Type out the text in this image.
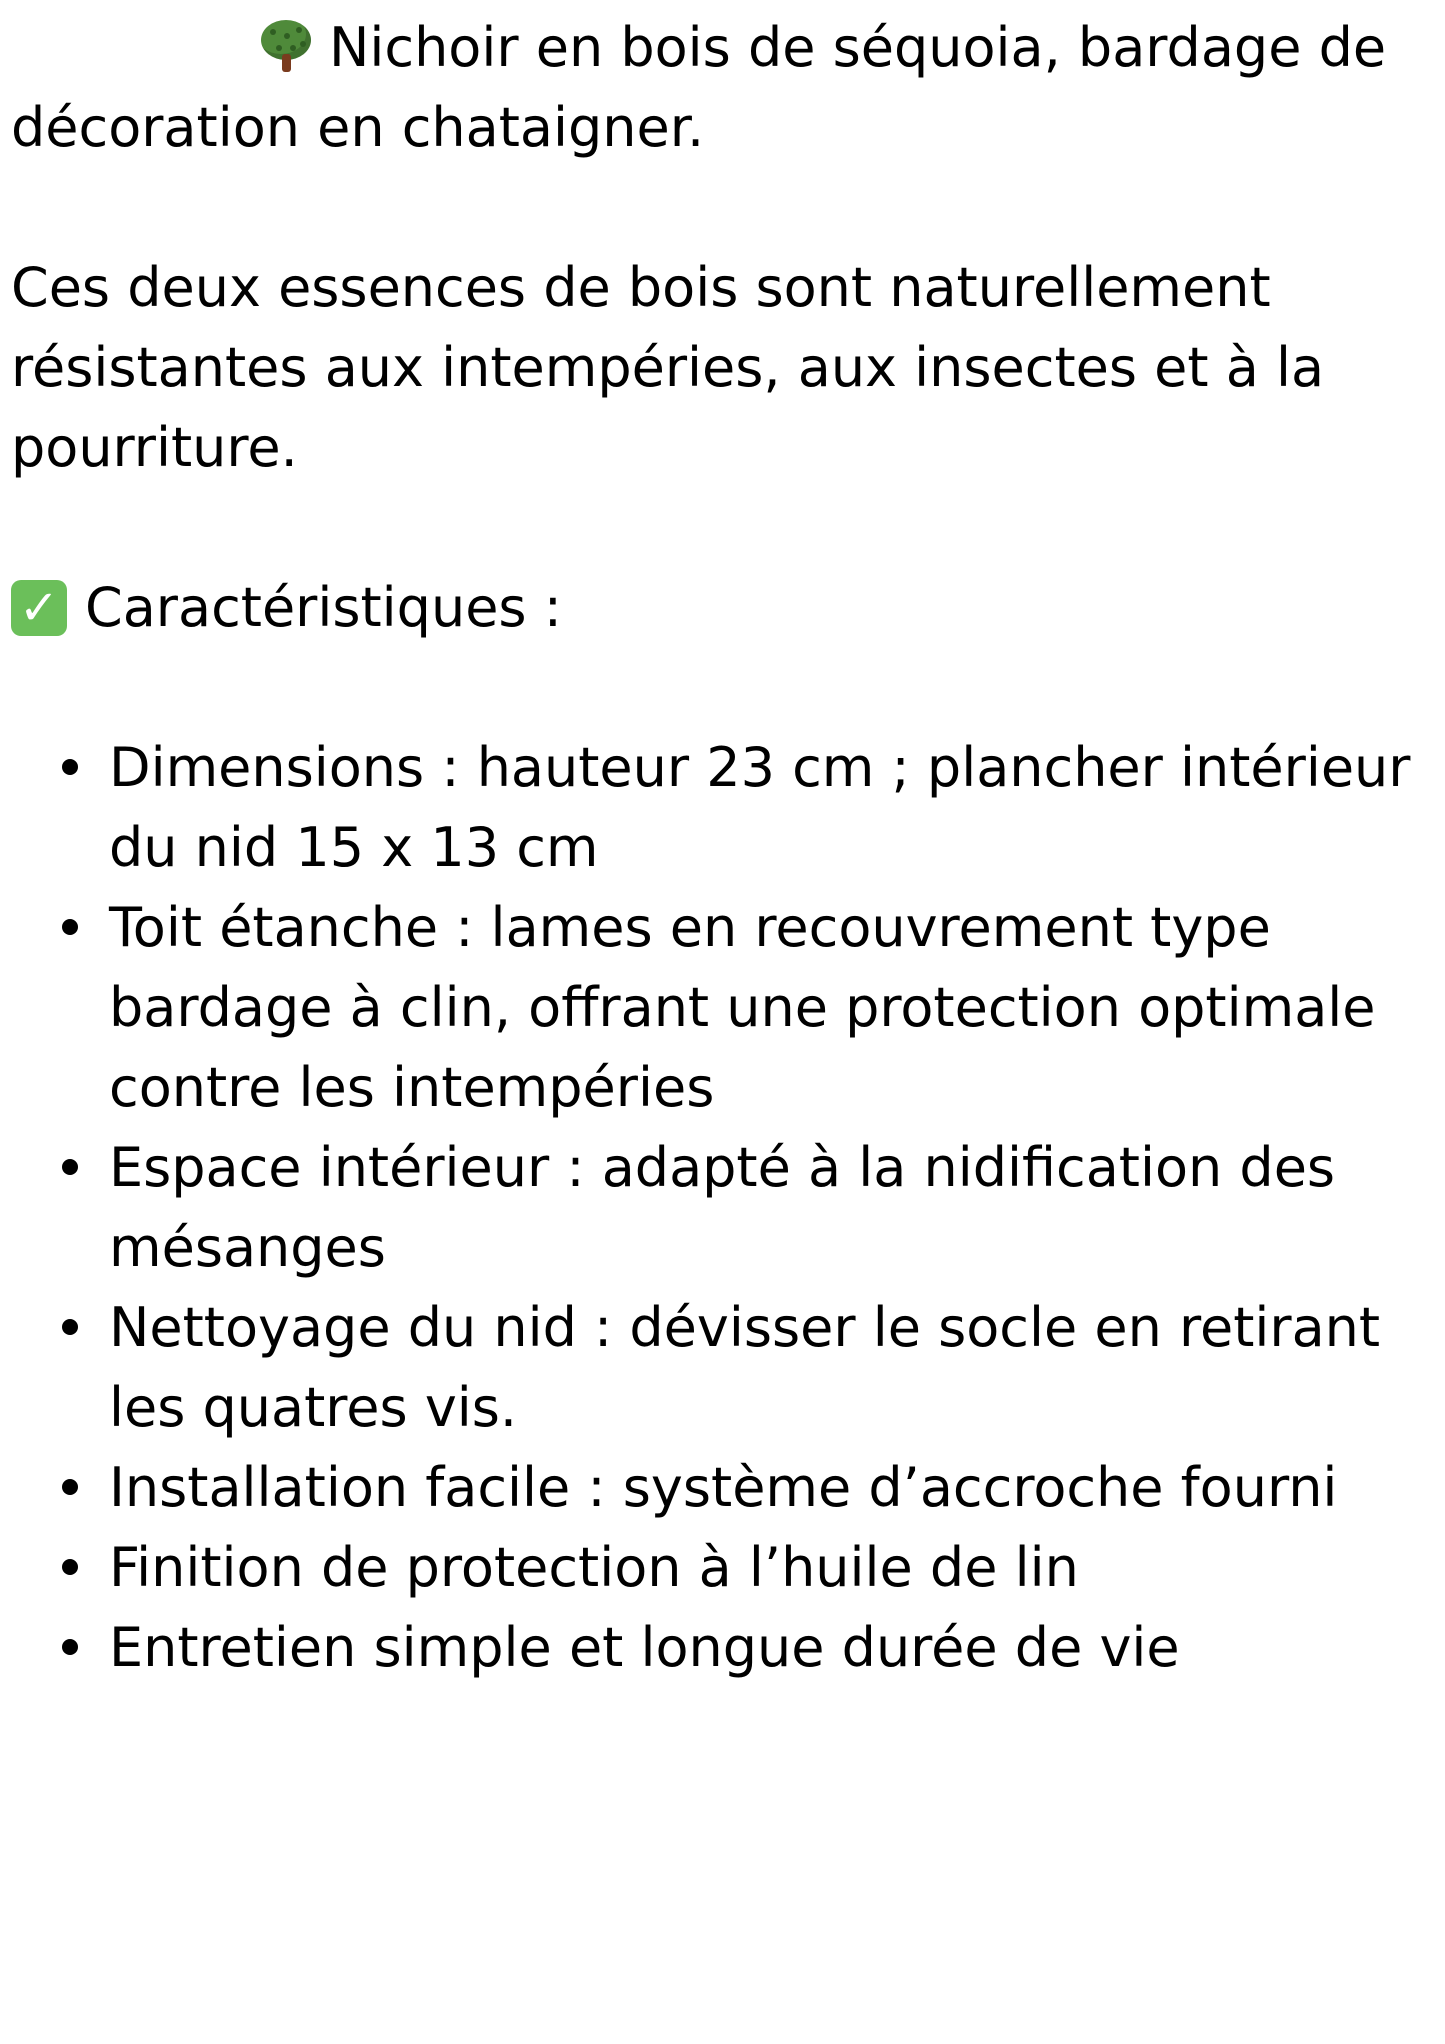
Nichoir en bois de séquoia, bardage de décoration en chataigner.

Ces deux essences de bois sont naturellement résistantes aux intempéries, aux insectes et à la pourriture.

✓ Caractéristiques :

Dimensions : hauteur 23 cm ; plancher intérieur du nid 15 x 13 cm
Toit étanche : lames en recouvrement type bardage à clin, offrant une protection optimale contre les intempéries
Espace intérieur : adapté à la nidification des mésanges
Nettoyage du nid : dévisser le socle en retirant les quatres vis.
Installation facile : système d’accroche fourni
Finition de protection à l’huile de lin
Entretien simple et longue durée de vie
